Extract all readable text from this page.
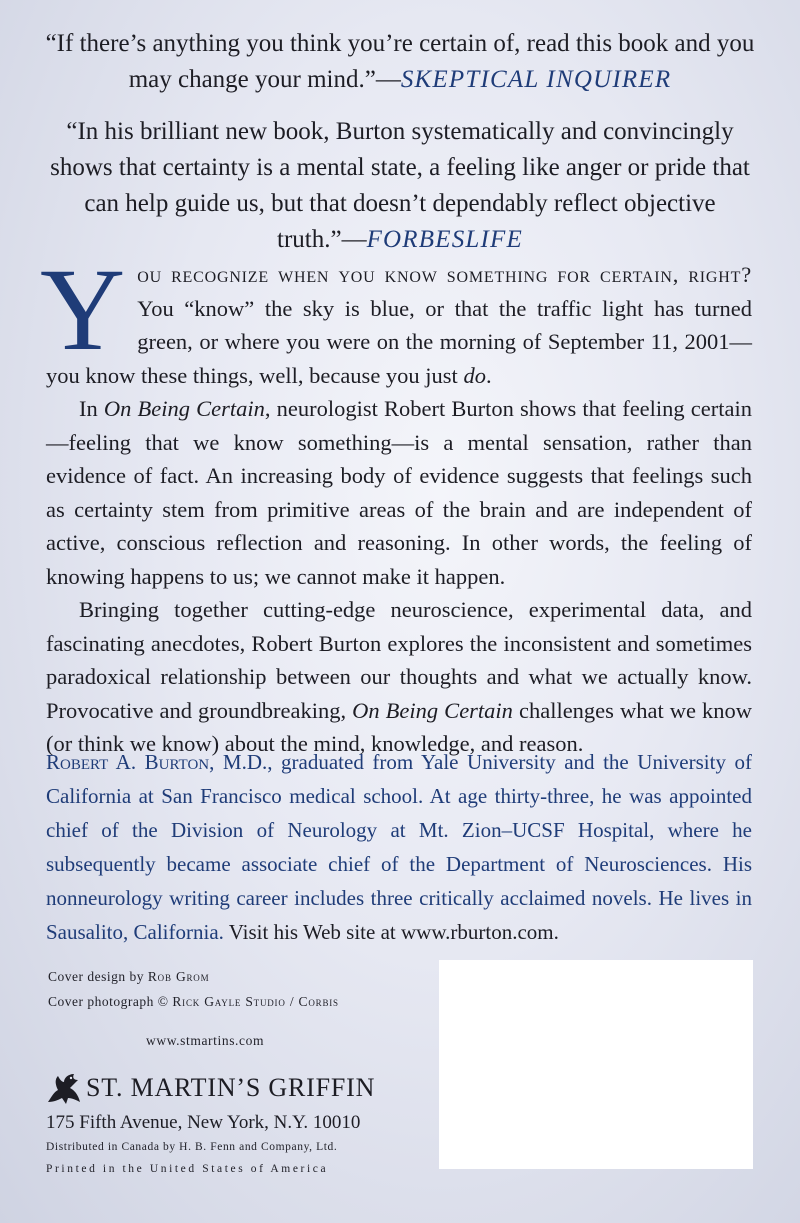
“If there’s anything you think you’re certain of, read this book and you may change your mind.”—SKEPTICAL INQUIRER

“In his brilliant new book, Burton systematically and convincingly shows that certainty is a mental state, a feeling like anger or pride that can help guide us, but that doesn’t dependably reflect objective truth.”—FORBESLIFE

You recognize when you know something for certain, right? You “know” the sky is blue, or that the traffic light has turned green, or where you were on the morning of September 11, 2001—you know these things, well, because you just do.

In On Being Certain, neurologist Robert Burton shows that feeling certain—feeling that we know something—is a mental sensation, rather than evidence of fact. An increasing body of evidence suggests that feelings such as certainty stem from primitive areas of the brain and are independent of active, conscious reflection and reasoning. In other words, the feeling of knowing happens to us; we cannot make it happen.

Bringing together cutting-edge neuroscience, experimental data, and fascinating anecdotes, Robert Burton explores the inconsistent and sometimes paradoxical relationship between our thoughts and what we actually know. Provocative and groundbreaking, On Being Certain challenges what we know (or think we know) about the mind, knowledge, and reason.

Robert A. Burton, M.D., graduated from Yale University and the University of California at San Francisco medical school. At age thirty-three, he was appointed chief of the Division of Neurology at Mt. Zion–UCSF Hospital, where he subsequently became associate chief of the Department of Neurosciences. His nonneurology writing career includes three critically acclaimed novels. He lives in Sausalito, California. Visit his Web site at www.rburton.com.

Cover design by Rob Grom
Cover photograph © Rick Gayle Studio / Corbis
www.stmartins.com
ST. MARTIN’S GRIFFIN
175 Fifth Avenue, New York, N.Y. 10010
Distributed in Canada by H. B. Fenn and Company, Ltd.
Printed in the United States of America
